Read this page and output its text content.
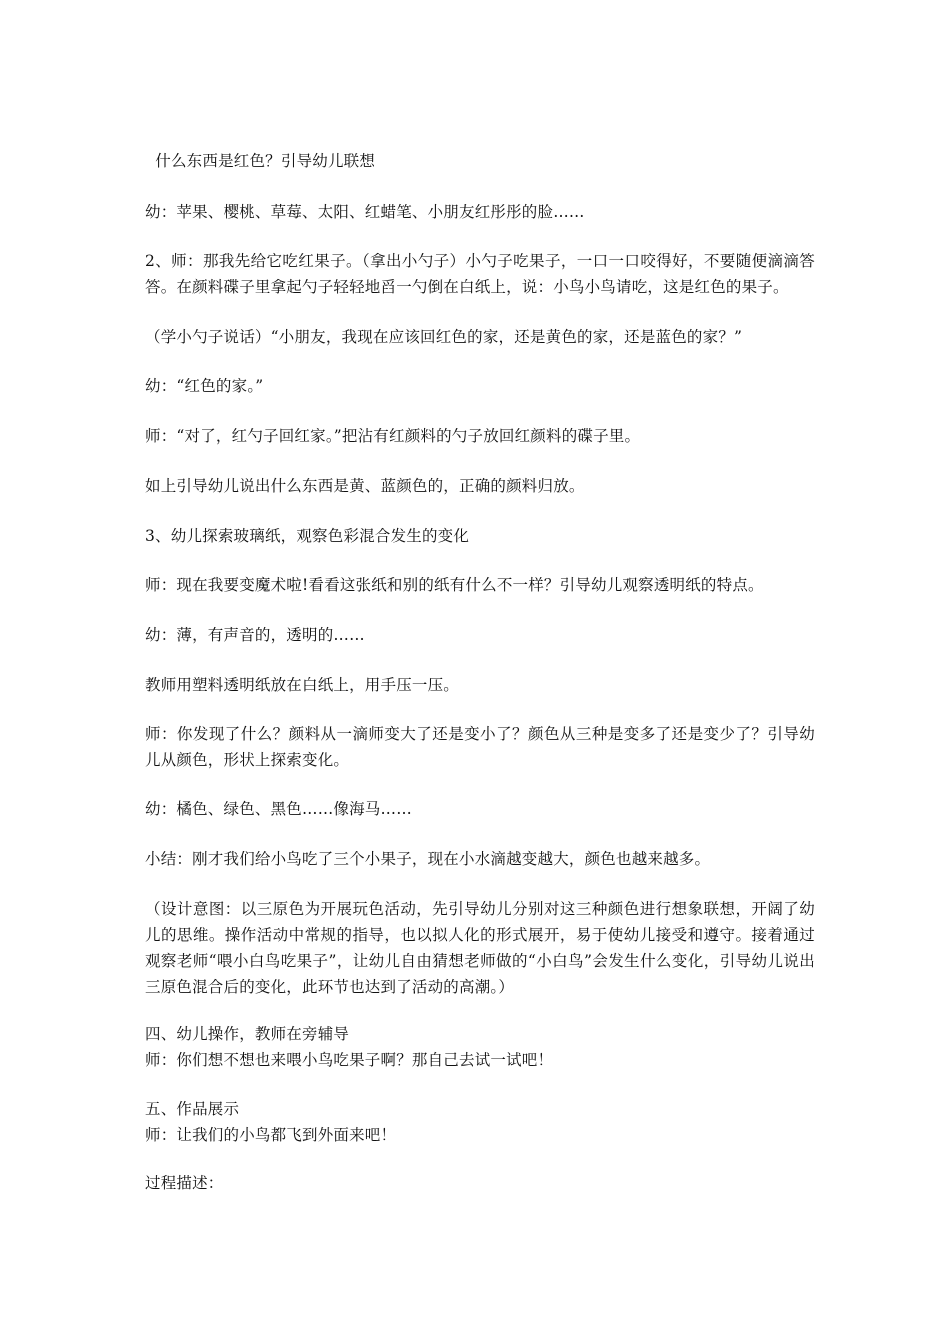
什么东西是红色？引导幼儿联想
幼：苹果、樱桃、草莓、太阳、红蜡笔、小朋友红彤彤的脸……
2、师：那我先给它吃红果子。（拿出小勺子）小勺子吃果子，一口一口咬得好，不要随便滴滴答答。在颜料碟子里拿起勺子轻轻地舀一勺倒在白纸上，说：小鸟小鸟请吃，这是红色的果子。
（学小勺子说话）“小朋友，我现在应该回红色的家，还是黄色的家，还是蓝色的家？”
幼：“红色的家。”
师：“对了，红勺子回红家。”把沾有红颜料的勺子放回红颜料的碟子里。
如上引导幼儿说出什么东西是黄、蓝颜色的，正确的颜料归放。
3、幼儿探索玻璃纸，观察色彩混合发生的变化
师：现在我要变魔术啦!看看这张纸和别的纸有什么不一样？引导幼儿观察透明纸的特点。
幼：薄，有声音的，透明的……
教师用塑料透明纸放在白纸上，用手压一压。
师：你发现了什么？颜料从一滴师变大了还是变小了？颜色从三种是变多了还是变少了？引导幼儿从颜色，形状上探索变化。
幼：橘色、绿色、黑色……像海马……
小结：刚才我们给小鸟吃了三个小果子，现在小水滴越变越大，颜色也越来越多。
（设计意图：以三原色为开展玩色活动，先引导幼儿分别对这三种颜色进行想象联想，开阔了幼儿的思维。操作活动中常规的指导，也以拟人化的形式展开，易于使幼儿接受和遵守。接着通过观察老师“喂小白鸟吃果子”，让幼儿自由猜想老师做的“小白鸟”会发生什么变化，引导幼儿说出三原色混合后的变化，此环节也达到了活动的高潮。）
四、幼儿操作，教师在旁辅导
师：你们想不想也来喂小鸟吃果子啊？那自己去试一试吧！
五、作品展示
师：让我们的小鸟都飞到外面来吧！
过程描述：
